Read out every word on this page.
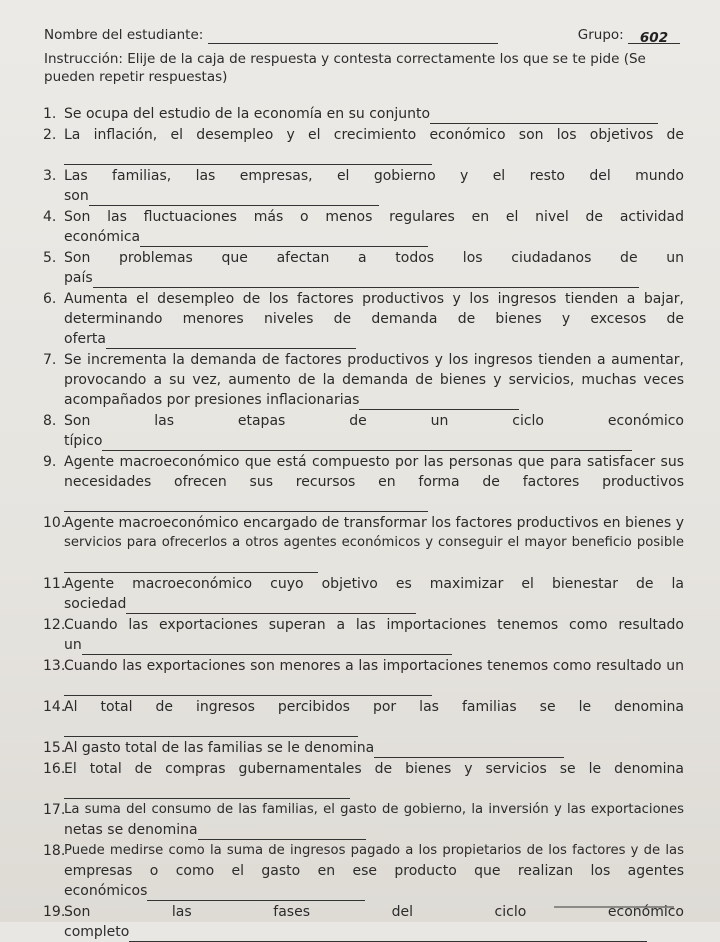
Nombre del estudiante:	Grupo: 602
Instrucción: Elije de la caja de respuesta y contesta correctamente los que se te pide (Se pueden repetir respuestas)
1. Se ocupa del estudio de la economía en su conjunto
2. La inflación, el desempleo y el crecimiento económico son los objetivos de
3. Las familias, las empresas, el gobierno y el resto del mundo
son
4. Son las fluctuaciones más o menos regulares en el nivel de actividad
económica
5. Son problemas que afectan a todos los ciudadanos de un
país
6. Aumenta el desempleo de los factores productivos y los ingresos tienden a bajar,
determinando menores niveles de demanda de bienes y excesos de
oferta
7. Se incrementa la demanda de factores productivos y los ingresos tienden a aumentar,
provocando a su vez, aumento de la demanda de bienes y servicios, muchas veces
acompañados por presiones inflacionarias
8. Son las etapas de un ciclo económico
típico
9. Agente macroeconómico que está compuesto por las personas que para satisfacer sus
necesidades ofrecen sus recursos en forma de factores productivos
10.
Agente macroeconómico encargado de transformar los factores productivos en bienes y
servicios para ofrecerlos a otros agentes económicos y conseguir el mayor beneficio posible
11.
Agente macroeconómico cuyo objetivo es maximizar el bienestar de la
sociedad
12.
Cuando las exportaciones superan a las importaciones tenemos como resultado
un
13.
Cuando las exportaciones son menores a las importaciones tenemos como resultado un
14.
Al total de ingresos percibidos por las familias se le denomina
15.
Al gasto total de las familias se le denomina
16.
El total de compras gubernamentales de bienes y servicios se le denomina
17.
La suma del consumo de las familias, el gasto de gobierno, la inversión y las exportaciones
netas se denomina
18.
Puede medirse como la suma de ingresos pagado a los propietarios de los factores y de las
empresas o como el gasto en ese producto que realizan los agentes
económicos
19.
Son las fases del ciclo económico
completo
